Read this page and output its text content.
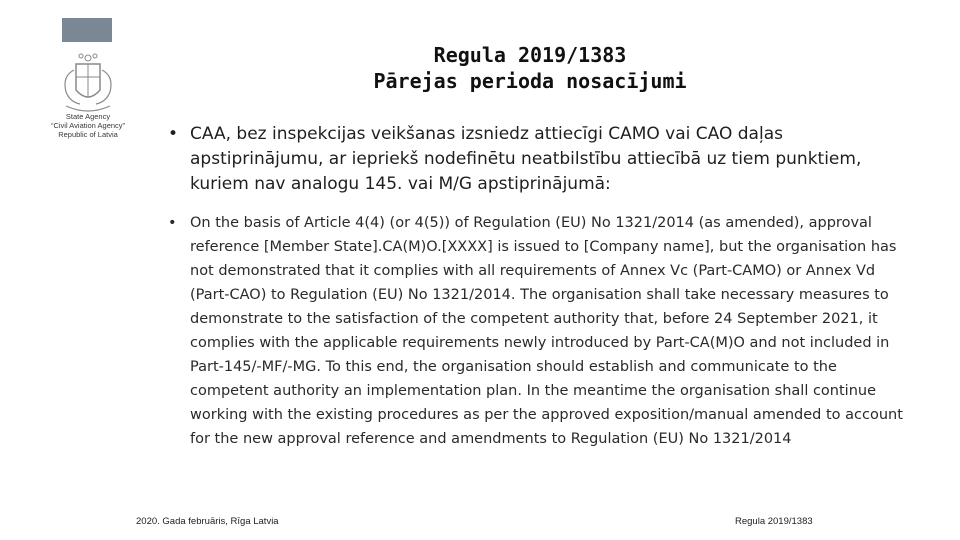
State Agency
“Civil Aviation Agency”
Republic of Latvia
Regula 2019/1383
Pārejas perioda nosacījumi
• CAA, bez inspekcijas veikšanas izsniedz attiecīgi CAMO vai CAO daļas apstiprinājumu, ar iepriekš nodefinētu neatbilstību attiecībā uz tiem punktiem, kuriem nav analogu 145. vai M/G apstiprinājumā:
• On the basis of Article 4(4) (or 4(5)) of Regulation (EU) No 1321/2014 (as amended), approval reference [Member State].CA(M)O.[XXXX] is issued to [Company name], but the organisation has not demonstrated that it complies with all requirements of Annex Vc (Part-CAMO) or Annex Vd (Part-CAO) to Regulation (EU) No 1321/2014. The organisation shall take necessary measures to demonstrate to the satisfaction of the competent authority that, before 24 September 2021, it complies with the applicable requirements newly introduced by Part-CA(M)O and not included in Part-145/-MF/-MG. To this end, the organisation should establish and communicate to the competent authority an implementation plan. In the meantime the organisation shall continue working with the existing procedures as per the approved exposition/manual amended to account for the new approval reference and amendments to Regulation (EU) No 1321/2014
2020. Gada februāris, Rīga Latvia	Regula 2019/1383
